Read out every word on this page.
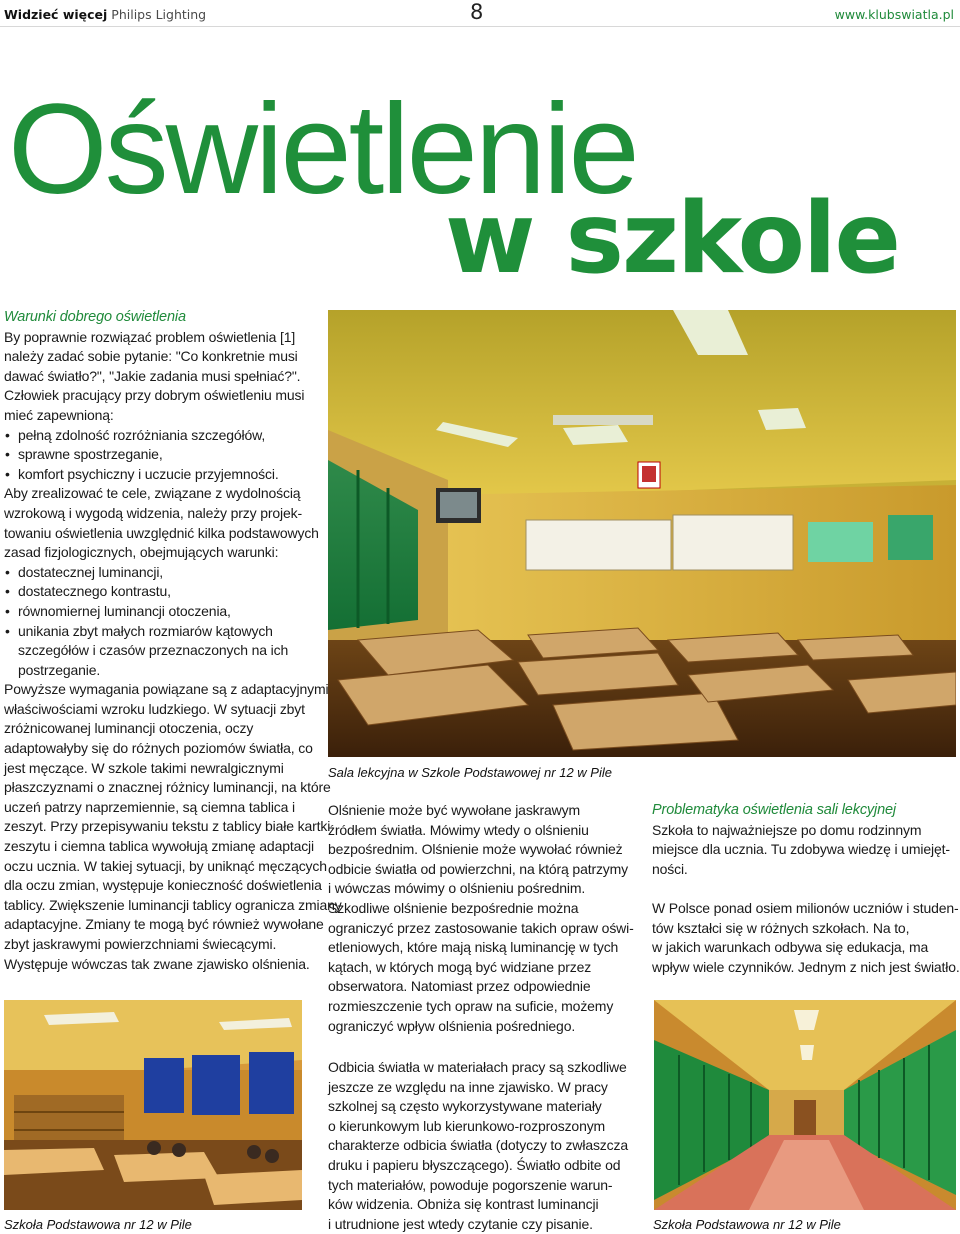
Widzieć więcej Philips Lighting	8	www.klubswiatla.pl
Oświetlenie
w szkole
Sala lekcyjna w Szkole Podstawowej nr 12 w Pile
Warunki dobrego oświetlenia
By poprawnie rozwiązać problem oświetlenia [1]
należy zadać sobie pytanie: "Co konkretnie musi
dawać światło?", "Jakie zadania musi spełniać?".
Człowiek pracujący przy dobrym oświetleniu musi
mieć zapewnioną:
• pełną zdolność rozróżniania szczegółów,
• sprawne spostrzeganie,
• komfort psychiczny i uczucie przyjemności.
Aby zrealizować te cele, związane z wydolnością
wzrokową i wygodą widzenia, należy przy projek-
towaniu oświetlenia uwzględnić kilka podstawowych
zasad fizjologicznych, obejmujących warunki:
• dostatecznej luminancji,
• dostatecznego kontrastu,
• równomiernej luminancji otoczenia,
• unikania zbyt małych rozmiarów kątowych
szczegółów i czasów przeznaczonych na ich
postrzeganie.
Powyższe wymagania powiązane są z adaptacyjnymi
właściwościami wzroku ludzkiego. W sytuacji zbyt
zróżnicowanej luminancji otoczenia, oczy
adaptowałyby się do różnych poziomów światła, co
jest męczące. W szkole takimi newralgicznymi
płaszczyznami o znacznej różnicy luminancji, na które
uczeń patrzy naprzemiennie, są ciemna tablica i
zeszyt. Przy przepisywaniu tekstu z tablicy białe kartki
zeszytu i ciemna tablica wywołują zmianę adaptacji
oczu ucznia. W takiej sytuacji, by uniknąć męczących
dla oczu zmian, występuje konieczność doświetlenia
tablicy. Zwiększenie luminancji tablicy ogranicza zmiany
adaptacyjne. Zmiany te mogą być również wywołane
zbyt jaskrawymi powierzchniami świecącymi.
Występuje wówczas tak zwane zjawisko olśnienia.
Olśnienie może być wywołane jaskrawym
źródłem światła. Mówimy wtedy o olśnieniu
bezpośrednim. Olśnienie może wywołać również
odbicie światła od powierzchni, na którą patrzymy
i wówczas mówimy o olśnieniu pośrednim.
Szkodliwe olśnienie bezpośrednie można
ograniczyć przez zastosowanie takich opraw oświ-
etleniowych, które mają niską luminancję w tych
kątach, w których mogą być widziane przez
obserwatora. Natomiast przez odpowiednie
rozmieszczenie tych opraw na suficie, możemy
ograniczyć wpływ olśnienia pośredniego.
Odbicia światła w materiałach pracy są szkodliwe
jeszcze ze względu na inne zjawisko. W pracy
szkolnej są często wykorzystywane materiały
o kierunkowym lub kierunkowo-rozproszonym
charakterze odbicia światła (dotyczy to zwłaszcza
druku i papieru błyszczącego). Światło odbite od
tych materiałów, powoduje pogorszenie warun-
ków widzenia. Obniża się kontrast luminancji
i utrudnione jest wtedy czytanie czy pisanie.
Problematyka oświetlenia sali lekcyjnej
Szkoła to najważniejsze po domu rodzinnym
miejsce dla ucznia. Tu zdobywa wiedzę i umiejęt-
ności.
W Polsce ponad osiem milionów uczniów i studen-
tów kształci się w różnych szkołach. Na to,
w jakich warunkach odbywa się edukacja, ma
wpływ wiele czynników. Jednym z nich jest światło.
Szkoła Podstawowa nr 12 w Pile	Szkoła Podstawowa nr 12 w Pile
